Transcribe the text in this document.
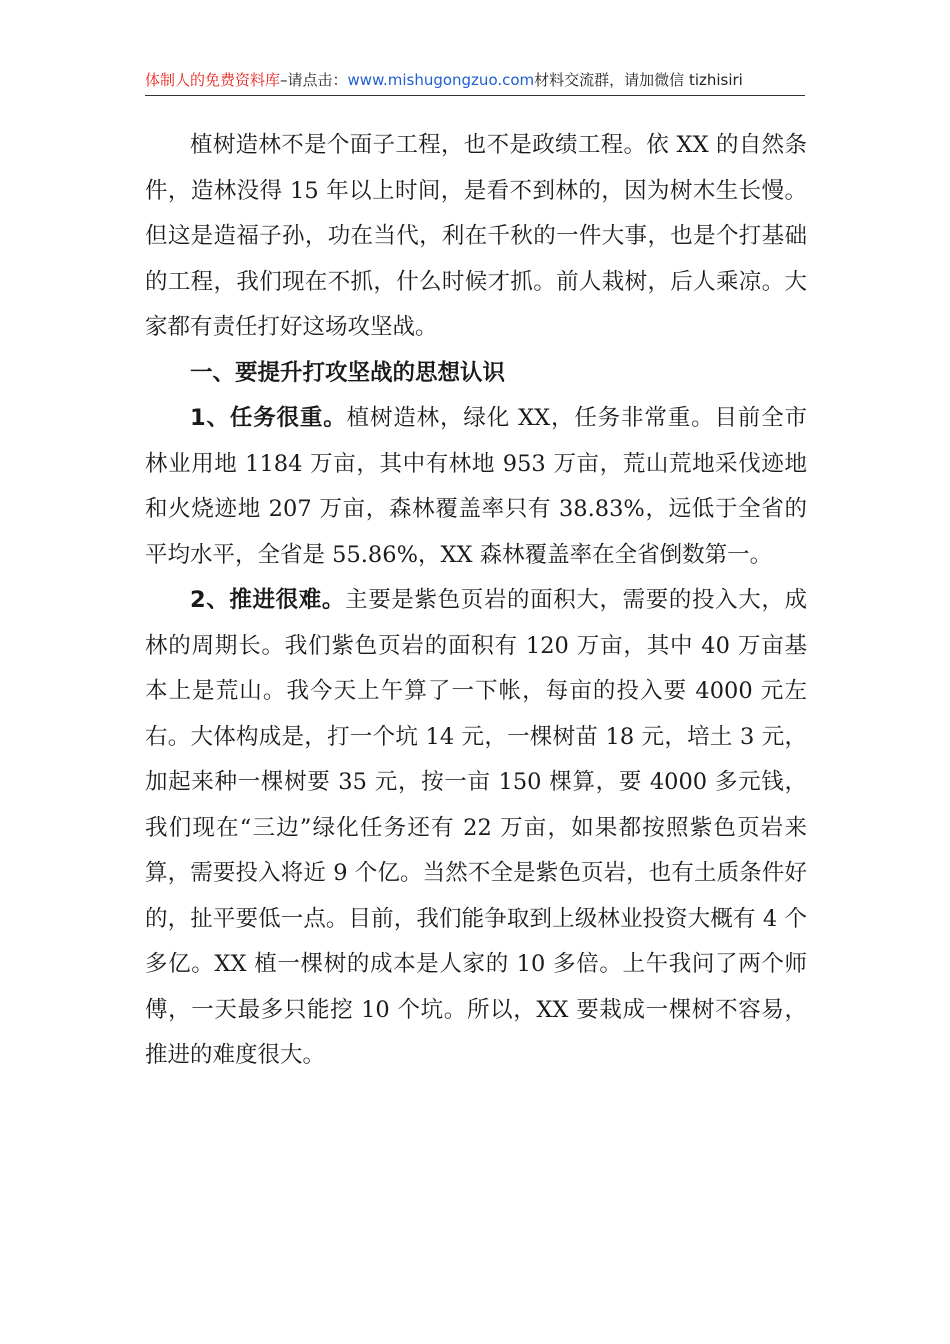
体制人的免费资料库–请点击：www.mishugongzuo.com材料交流群，请加微信 tizhisiri

植树造林不是个面子工程，也不是政绩工程。依 XX 的自然条件，造林没得 15 年以上时间，是看不到林的，因为树木生长慢。但这是造福子孙，功在当代，利在千秋的一件大事，也是个打基础的工程，我们现在不抓，什么时候才抓。前人栽树，后人乘凉。大家都有责任打好这场攻坚战。

一、要提升打攻坚战的思想认识

1、任务很重。植树造林，绿化 XX，任务非常重。目前全市林业用地 1184 万亩，其中有林地 953 万亩，荒山荒地采伐迹地和火烧迹地 207 万亩，森林覆盖率只有 38.83%，远低于全省的平均水平，全省是 55.86%，XX 森林覆盖率在全省倒数第一。

2、推进很难。主要是紫色页岩的面积大，需要的投入大，成林的周期长。我们紫色页岩的面积有 120 万亩，其中 40 万亩基本上是荒山。我今天上午算了一下帐，每亩的投入要 4000 元左右。大体构成是，打一个坑 14 元，一棵树苗 18 元，培土 3 元，加起来种一棵树要 35 元，按一亩 150 棵算，要 4000 多元钱，我们现在“三边”绿化任务还有 22 万亩，如果都按照紫色页岩来算，需要投入将近 9 个亿。当然不全是紫色页岩，也有土质条件好的，扯平要低一点。目前，我们能争取到上级林业投资大概有 4 个多亿。XX 植一棵树的成本是人家的 10 多倍。上午我问了两个师傅，一天最多只能挖 10 个坑。所以，XX 要栽成一棵树不容易，推进的难度很大。
